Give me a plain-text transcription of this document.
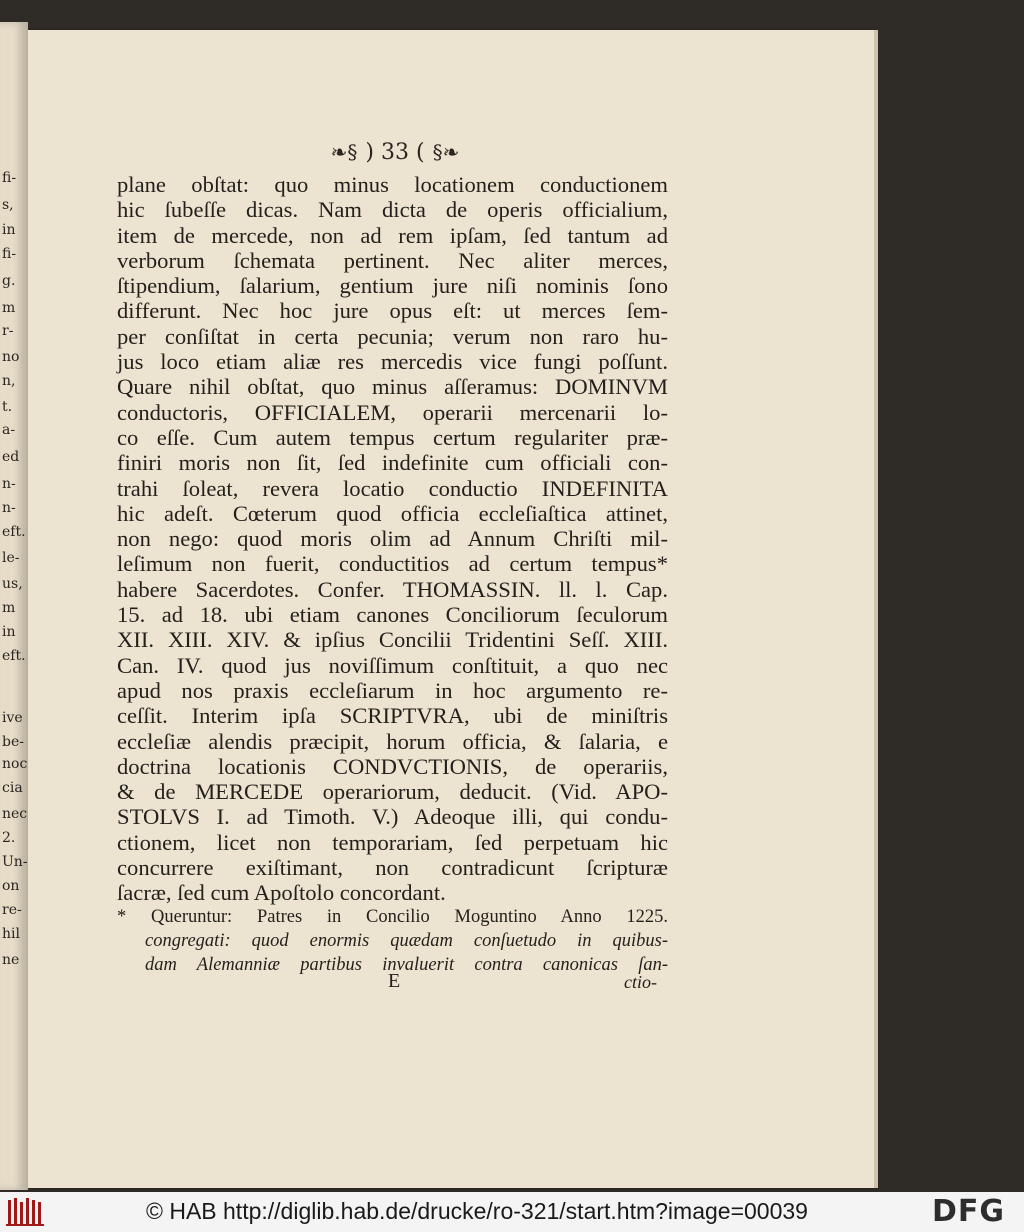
fi-
s,
in
fi-
g.
m
r-
no
n,
t.
a-
ed
n-
n-
eft.
le-
us,
m
in
eft.
ive
be-
noc
cia
nec
2.
Un-
on
re-
hil
ne
❧§ ) 33 ( §❧
plane obſtat: quo minus locationem conductionem
hic ſubeſſe dicas. Nam dicta de operis officialium,
item de mercede, non ad rem ipſam, ſed tantum ad
verborum ſchemata pertinent. Nec aliter merces,
ſtipendium, ſalarium, gentium jure niſi nominis ſono
differunt. Nec hoc jure opus eſt: ut merces ſem-
per conſiſtat in certa pecunia; verum non raro hu-
jus loco etiam aliæ res mercedis vice fungi poſſunt.
Quare nihil obſtat, quo minus aſſeramus: DOMINVM
conductoris, OFFICIALEM, operarii mercenarii lo-
co eſſe. Cum autem tempus certum regulariter præ-
finiri moris non ſit, ſed indefinite cum officiali con-
trahi ſoleat, revera locatio conductio INDEFINITA
hic adeſt. Cœterum quod officia eccleſiaſtica attinet,
non nego: quod moris olim ad Annum Chriſti mil-
leſimum non fuerit, conductitios ad certum tempus*
habere Sacerdotes. Confer. THOMASSIN. ll. l. Cap.
15. ad 18. ubi etiam canones Conciliorum ſeculorum
XII. XIII. XIV. & ipſius Concilii Tridentini Seſſ. XIII.
Can. IV. quod jus noviſſimum conſtituit, a quo nec
apud nos praxis eccleſiarum in hoc argumento re-
ceſſit. Interim ipſa SCRIPTVRA, ubi de miniſtris
eccleſiæ alendis præcipit, horum officia, & ſalaria, e
doctrina locationis CONDVCTIONIS, de operariis,
& de MERCEDE operariorum, deducit. (Vid. APO-
STOLVS I. ad Timoth. V.) Adeoque illi, qui condu-
ctionem, licet non temporariam, ſed perpetuam hic
concurrere exiſtimant, non contradicunt ſcripturæ
ſacræ, ſed cum Apoſtolo concordant.
* Queruntur: Patres in Concilio Moguntino Anno 1225.
congregati: quod enormis quædam conſuetudo in quibus-
dam Alemanniæ partibus invaluerit contra canonicas ſan-
E	ctio-
© HAB http://diglib.hab.de/drucke/ro-321/start.htm?image=00039	DFG
